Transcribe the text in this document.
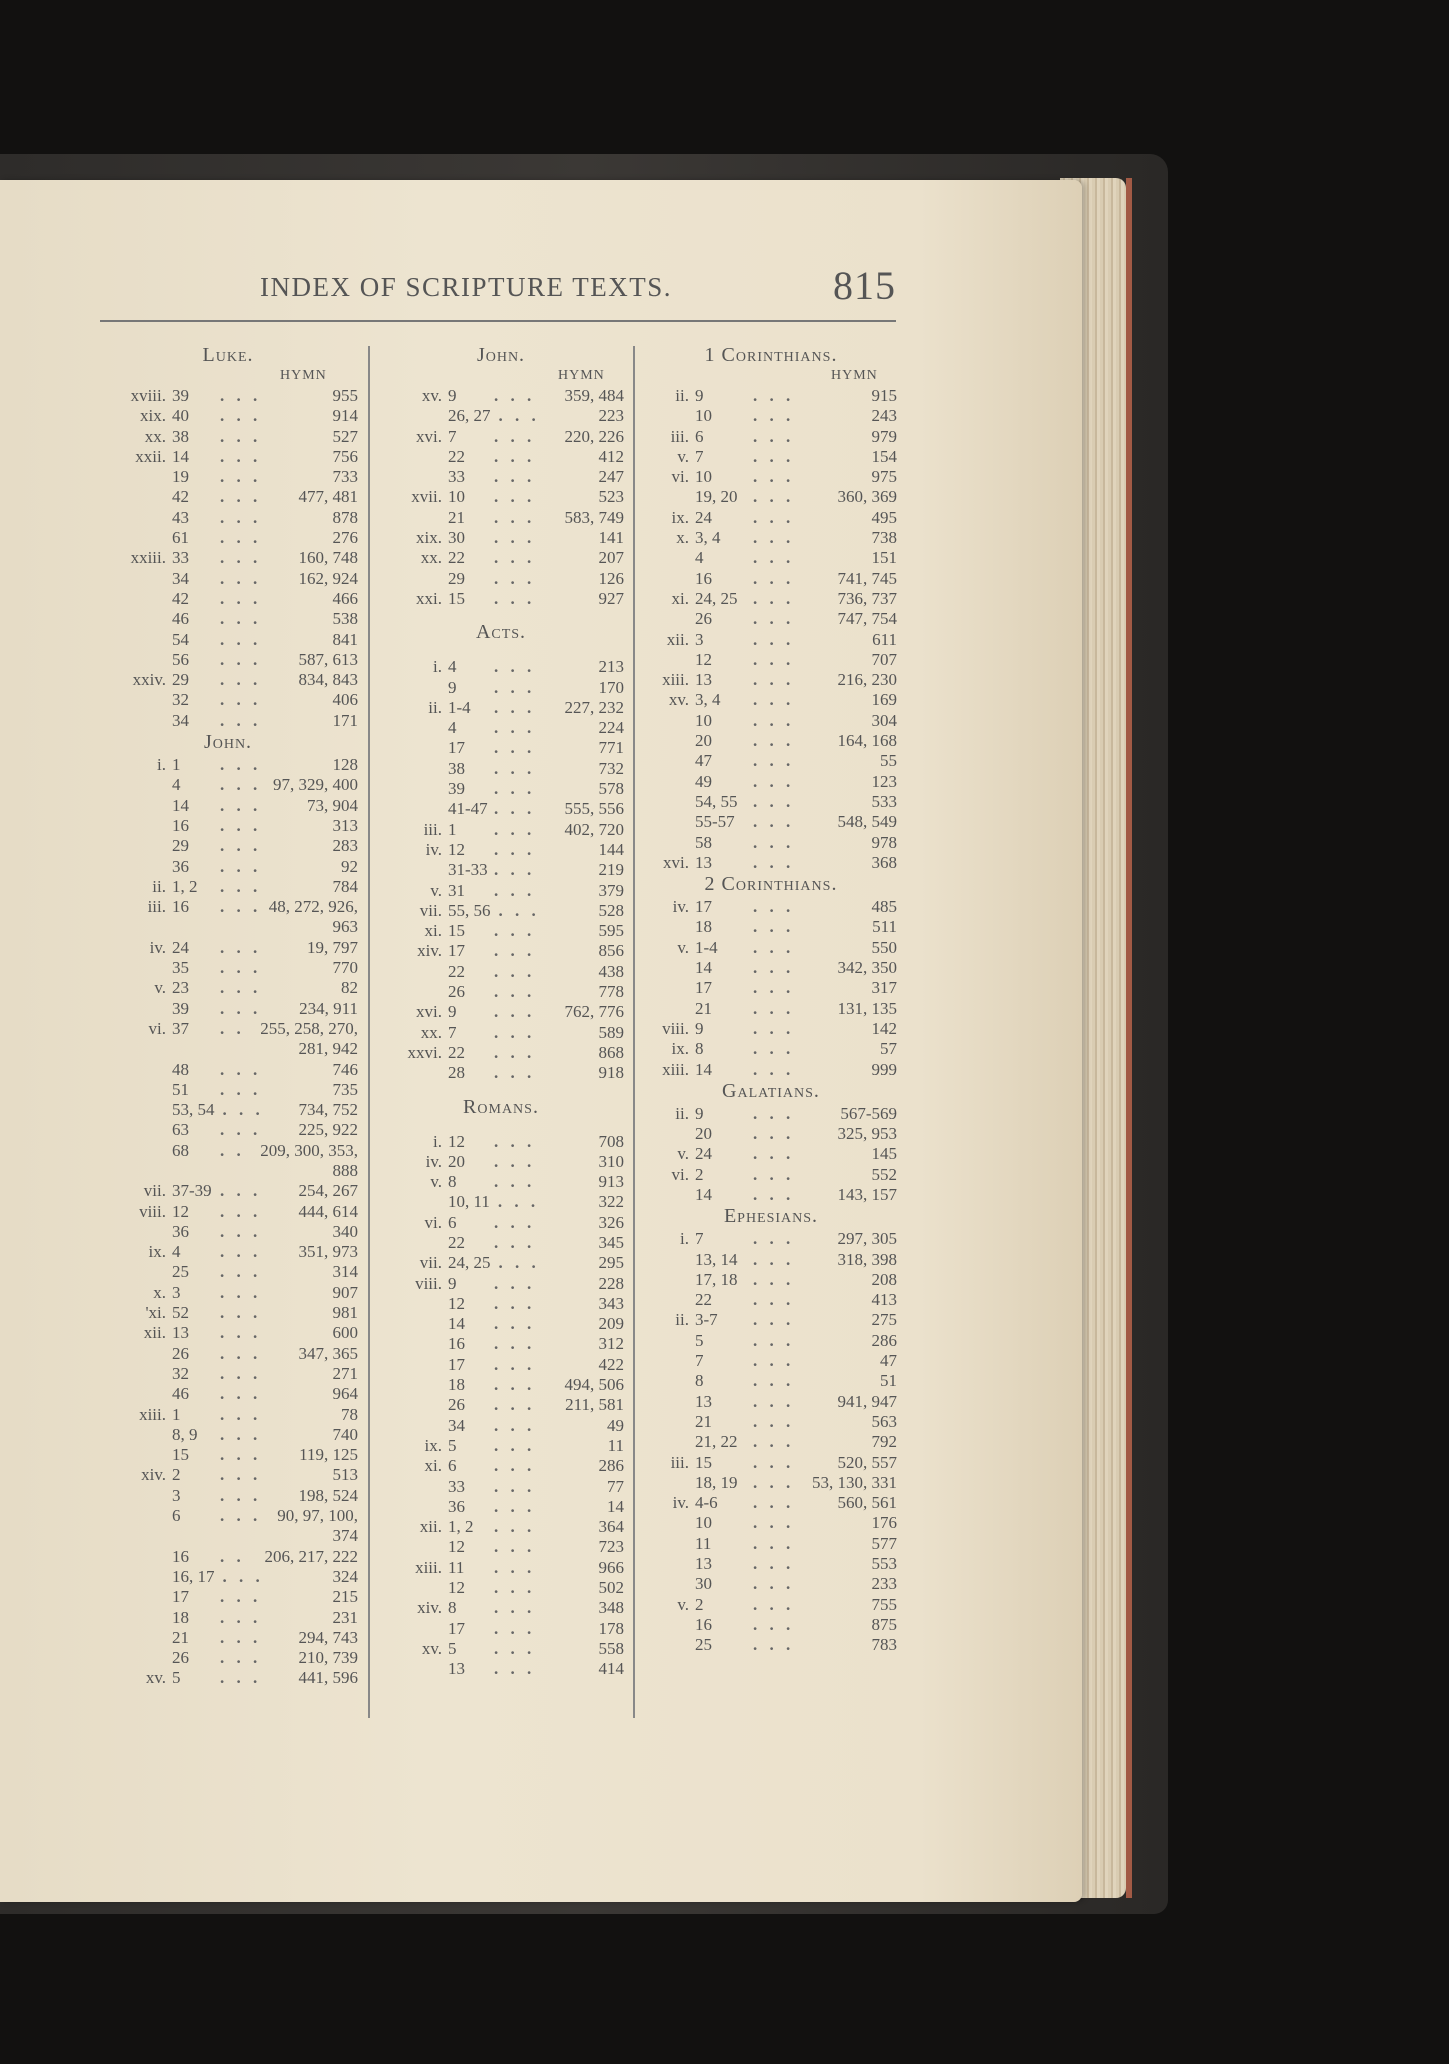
INDEX OF SCRIPTURE TEXTS.	815
Luke.
HYMN
xviii. 39 . . .	955
xix. 40 . . .	914
xx. 38 . . .	527
xxii. 14 . . .	756
19 . . .	733
42 . . . 477, 481
43 . . .	878
61 . . .	276
xxiii. 33 . . . 160, 748
34 . . . 162, 924
42 . . .	466
46 . . .	538
54 . . .	841
56 . . . 587, 613
xxiv. 29 . . . 834, 843
32 . . .	406
34 . . .	171
John.
i. 1 . . .	128
4 . . . 97, 329, 400
14 . . .	73, 904
16 . . .	313
29 . . .	283
36 . . .	92
ii. 1, 2 . . .	784
iii. 16 . . . 48, 272, 926,
963
iv. 24 . . .	19, 797
35 . . .	770
v. 23 . . .	82
39 . . . 234, 911
vi. 37 . . 255, 258, 270,
281, 942
48 . . .	746
51 . . .	735
53, 54 . . . 734, 752
63 . . . 225, 922
68 . . 209, 300, 353,
888
vii. 37-39 . . . 254, 267
viii. 12 . . . 444, 614
36 . . .	340
ix. 4 . . . 351, 973
25 . . .	314
x. 3 . . .	907
'xi. 52 . . .	981
xii. 13 . . .	600
26 . . . 347, 365
32 . . .	271
46 . . .	964
xiii. 1 . . .	78
8, 9 . . .	740
15 . . . 119, 125
xiv. 2 . . .	513
3 . . . 198, 524
6 . . . 90, 97, 100,
374
16 . . 206, 217, 222
16, 17 . . .	324
17 . . .	215
18 . . .	231
21 . . . 294, 743
26 . . . 210, 739
xv. 5 . . . 441, 596
John.
HYMN
xv. 9 . . . 359, 484
26, 27 . . .	223
xvi. 7 . . . 220, 226
22 . . .	412
33 . . .	247
xvii. 10 . . .	523
21 . . . 583, 749
xix. 30 . . .	141
xx. 22 . . .	207
29 . . .	126
xxi. 15 . . .	927
Acts.
i. 4 . . .	213
9 . . .	170
ii. 1-4 . . . 227, 232
4 . . .	224
17 . . .	771
38 . . .	732
39 . . .	578
41-47 . . . 555, 556
iii. 1 . . . 402, 720
iv. 12 . . .	144
31-33 . . .	219
v. 31 . . .	379
vii. 55, 56 . . .	528
xi. 15 . . .	595
xiv. 17 . . .	856
22 . . .	438
26 . . .	778
xvi. 9 . . . 762, 776
xx. 7 . . .	589
xxvi. 22 . . .	868
28 . . .	918
Romans.
i. 12 . . .	708
iv. 20 . . .	310
v. 8 . . .	913
10, 11 . . .	322
vi. 6 . . .	326
22 . . .	345
vii. 24, 25 . . .	295
viii. 9 . . .	228
12 . . .	343
14 . . .	209
16 . . .	312
17 . . .	422
18 . . . 494, 506
26 . . . 211, 581
34 . . .	49
ix. 5 . . .	11
xi. 6 . . .	286
33 . . .	77
36 . . .	14
xii. 1, 2 . . .	364
12 . . .	723
xiii. 11 . . .	966
12 . . .	502
xiv. 8 . . .	348
17 . . .	178
xv. 5 . . .	558
13 . . .	414
1 Corinthians.
HYMN
ii. 9	. . .	915
10 . . .	243
iii. 6	. . .	979
v. 7	. . .	154
vi. 10 . . .	975
19, 20 . . .	360, 369
ix. 24 . . .	495
x. 3, 4 . . .	738
4	. . .	151
16 . . .	741, 745
xi. 24, 25 . . .	736, 737
26 . . .	747, 754
xii. 3	. . .	611
12 . . .	707
xiii. 13 . . .	216, 230
xv. 3, 4 . . .	169
10 . . .	304
20 . . .	164, 168
47 . . .	55
49 . . .	123
54, 55 . . .	533
55-57 . . .	548, 549
58 . . .	978
xvi. 13 . . .	368
2 Corinthians.
iv. 17 . . .	485
18 . . .	511
v. 1-4 . . .	550
14 . . .	342, 350
17 . . .	317
21 . . .	131, 135
viii. 9	. . .	142
ix. 8	. . .	57
xiii. 14 . . .	999
Galatians.
ii. 9	. . .	567-569
20 . . .	325, 953
v. 24 . . .	145
vi. 2	. . .	552
14 . . .	143, 157
Ephesians.
i. 7	. . .	297, 305
13, 14 . . .	318, 398
17, 18 . . .	208
22 . . .	413
ii. 3-7 . . .	275
5	. . .	286
7	. . .	47
8	. . .	51
13 . . .	941, 947
21 . . .	563
21, 22 . . .	792
iii. 15 . . .	520, 557
18, 19 . . . 53, 130, 331
iv. 4-6 . . .	560, 561
10 . . .	176
11 . . .	577
13 . . .	553
30 . . .	233
v. 2	. . .	755
16 . . .	875
25 . . .	783
